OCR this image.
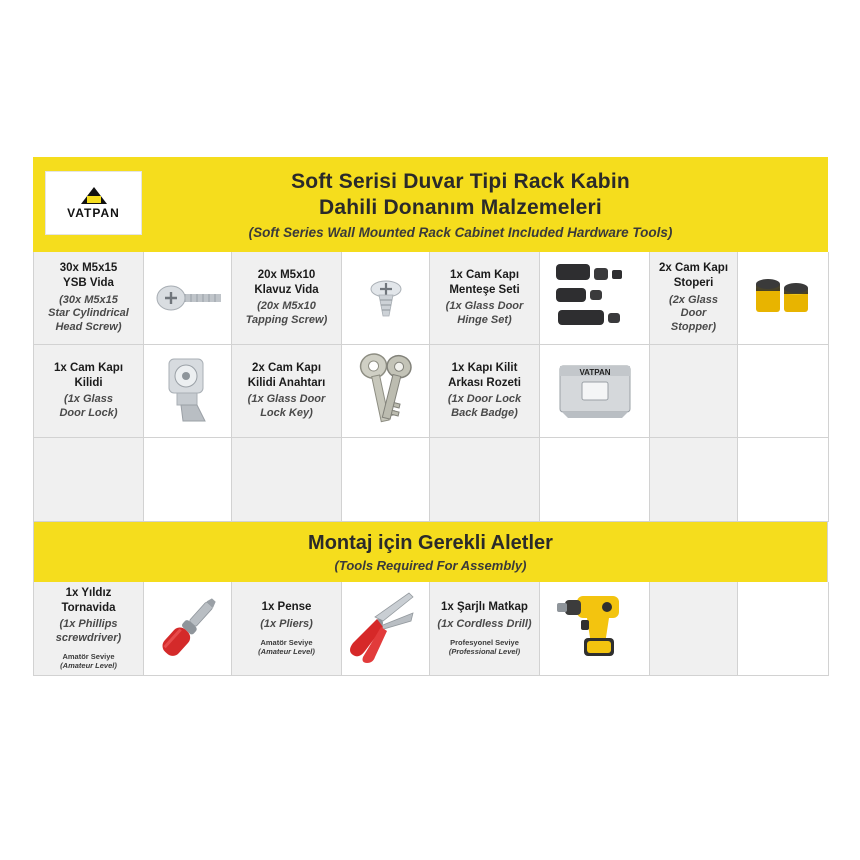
VATPAN
Soft Serisi Duvar Tipi Rack Kabin
Dahili Donanım Malzemeleri
(Soft Series Wall Mounted Rack Cabinet Included Hardware Tools)
30x M5x15
YSB Vida
(30x M5x15
Star Cylindrical
Head Screw)
20x M5x10
Klavuz Vida
(20x M5x10
Tapping Screw)
1x Cam Kapı
Menteşe Seti
(1x Glass Door
Hinge Set)
2x Cam Kapı
Stoperi
(2x Glass Door
Stopper)
1x Cam Kapı
Kilidi
(1x Glass
Door Lock)
2x Cam Kapı
Kilidi Anahtarı
(1x Glass Door
Lock Key)
1x Kapı Kilit
Arkası Rozeti
(1x Door Lock
Back Badge)
VATPAN
Montaj için Gerekli Aletler
(Tools Required For Assembly)
1x Yıldız
Tornavida
(1x Phillips
screwdriver)
Amatör Seviye
(Amateur Level)
1x Pense
(1x Pliers)
Amatör Seviye
(Amateur Level)
1x Şarjlı Matkap
(1x Cordless Drill)
Profesyonel Seviye
(Professional Level)
